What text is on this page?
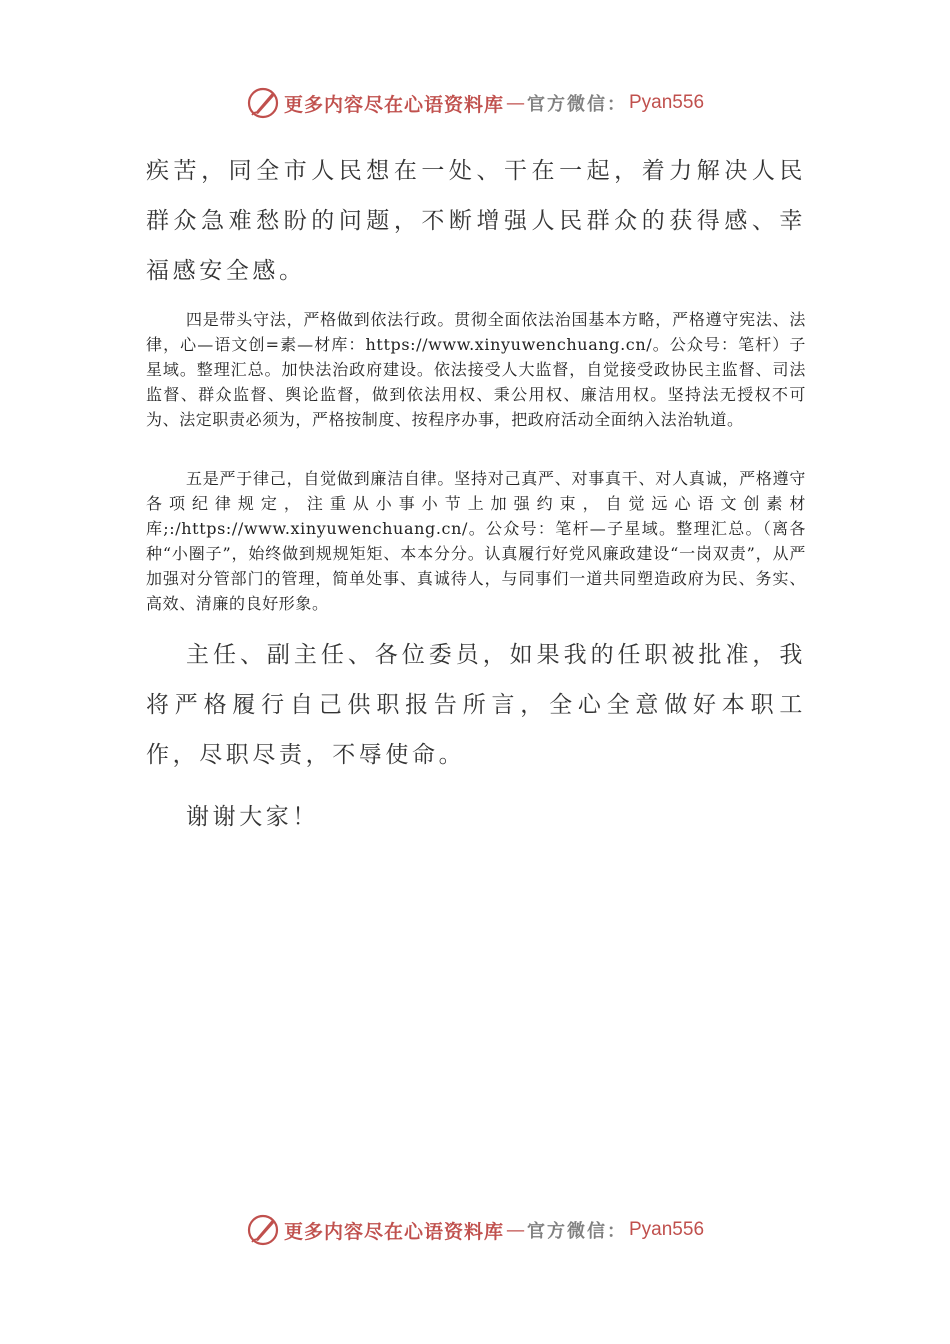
更多内容尽在心语资料库 — 官方微信： Pyan556

疾苦，同全市人民想在一处、干在一起，着力解决人民群众急难愁盼的问题，不断增强人民群众的获得感、幸福感安全感。

四是带头守法，严格做到依法行政。贯彻全面依法治国基本方略，严格遵守宪法、法律，心—语文创=素—材库：https://www.xinyuwenchuang.cn/。公众号：笔杆）子星域。整理汇总。加快法治政府建设。依法接受人大监督，自觉接受政协民主监督、司法监督、群众监督、舆论监督，做到依法用权、秉公用权、廉洁用权。坚持法无授权不可为、法定职责必须为，严格按制度、按程序办事，把政府活动全面纳入法治轨道。

五是严于律己，自觉做到廉洁自律。坚持对己真严、对事真干、对人真诚，严格遵守各项纪律规定，注重从小事小节上加强约束，自觉远心语文创素材库;:/https://www.xinyuwenchuang.cn/。公众号：笔杆—子星域。整理汇总。（离各种“小圈子”，始终做到规规矩矩、本本分分。认真履行好党风廉政建设“一岗双责”，从严加强对分管部门的管理，简单处事、真诚待人，与同事们一道共同塑造政府为民、务实、高效、清廉的良好形象。

主任、副主任、各位委员，如果我的任职被批准，我将严格履行自己供职报告所言，全心全意做好本职工作，尽职尽责，不辱使命。

谢谢大家！

更多内容尽在心语资料库 — 官方微信： Pyan556
